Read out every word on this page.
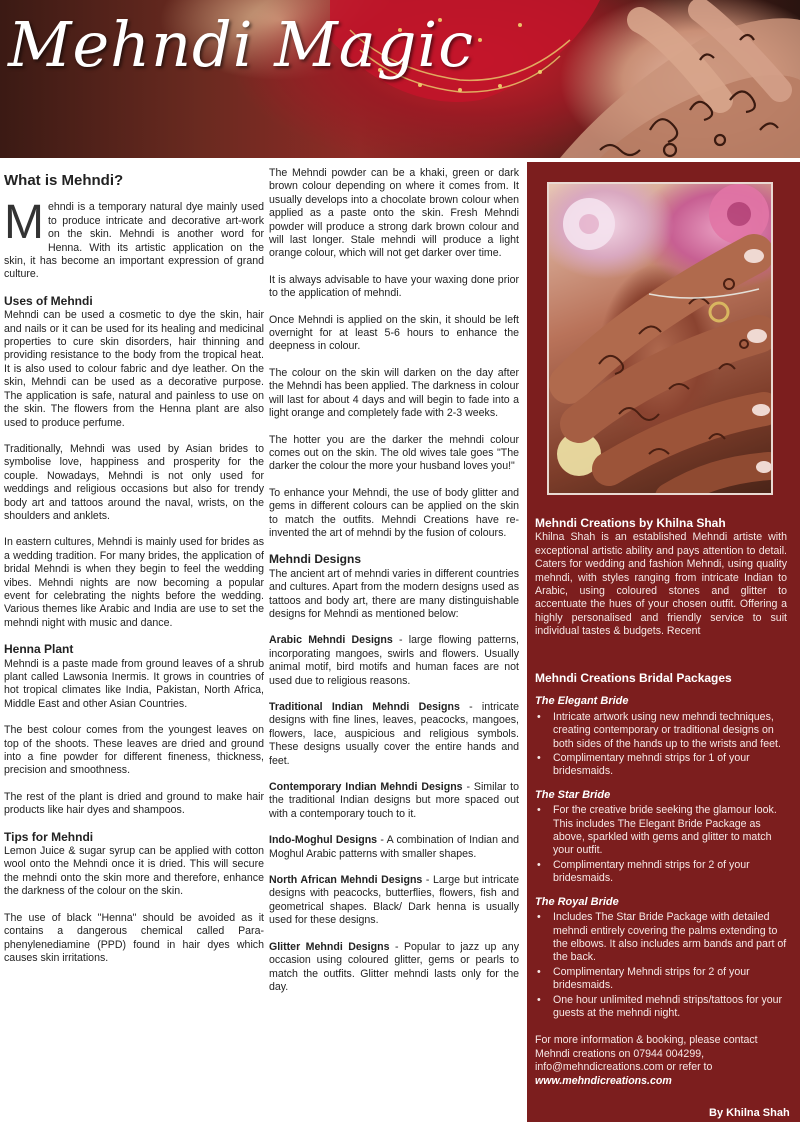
Mehndi Magic
What is Mehndi?

Mehndi is a temporary natural dye mainly used to produce intricate and decorative art-work on the skin. Mehndi is another word for Henna. With its artistic application on the skin, it has become an important expression of grand culture.

Uses of Mehndi

Mehndi can be used a cosmetic to dye the skin, hair and nails or it can be used for its healing and medicinal properties to cure skin disorders, hair thinning and providing resistance to the body from the tropical heat. It is also used to colour fabric and dye leather. On the skin, Mehndi can be used as a decorative purpose. The application is safe, natural and painless to use on the skin. The flowers from the Henna plant are also used to produce perfume.

Traditionally, Mehndi was used by Asian brides to symbolise love, happiness and prosperity for the couple. Nowadays, Mehndi is not only used for weddings and religious occasions but also for trendy body art and tattoos around the naval, wrists, on the shoulders and anklets.

In eastern cultures, Mehndi is mainly used for brides as a wedding tradition. For many brides, the application of bridal Mehndi is when they begin to feel the wedding vibes. Mehndi nights are now becoming a popular event for celebrating the nights before the wedding. Various themes like Arabic and India are use to set the mehndi night with music and dance.

Henna Plant

Mehndi is a paste made from ground leaves of a shrub plant called Lawsonia Inermis. It grows in countries of hot tropical climates like India, Pakistan, North Africa, Middle East and other Asian Countries.

The best colour comes from the youngest leaves on top of the shoots. These leaves are dried and ground into a fine powder for different fineness, thickness, precision and smoothness.

The rest of the plant is dried and ground to make hair products like hair dyes and shampoos.

Tips for Mehndi

Lemon Juice & sugar syrup can be applied with cotton wool onto the Mehndi once it is dried. This will secure the mehndi onto the skin more and therefore, enhance the darkness of the colour on the skin.

The use of black "Henna" should be avoided as it contains a dangerous chemical called Para-phenylenediamine (PPD) found in hair dyes which causes skin irritations.

The Mehndi powder can be a khaki, green or dark brown colour depending on where it comes from. It usually develops into a chocolate brown colour when applied as a paste onto the skin. Fresh Mehndi powder will produce a strong dark brown colour and will last longer. Stale mehndi will produce a light orange colour, which will not get darker over time.

It is always advisable to have your waxing done prior to the application of mehndi.

Once Mehndi is applied on the skin, it should be left overnight for at least 5-6 hours to enhance the deepness in colour.

The colour on the skin will darken on the day after the Mehndi has been applied. The darkness in colour will last for about 4 days and will begin to fade into a light orange and completely fade with 2-3 weeks.

The hotter you are the darker the mehndi colour comes out on the skin. The old wives tale goes "The darker the colour the more your husband loves you!"

To enhance your Mehndi, the use of body glitter and gems in different colours can be applied on the skin to match the outfits. Mehndi Creations have re-invented the art of mehndi by the fusion of colours.

Mehndi Designs

The ancient art of mehndi varies in different countries and cultures. Apart from the modern designs used as tattoos and body art, there are many distinguishable designs for Mehndi as mentioned below:

Arabic Mehndi Designs - large flowing patterns, incorporating mangoes, swirls and flowers. Usually animal motif, bird motifs and human faces are not used due to religious reasons.

Traditional Indian Mehndi Designs - intricate designs with fine lines, leaves, peacocks, mangoes, flowers, lace, auspicious and religious symbols. These designs usually cover the entire hands and feet.

Contemporary Indian Mehndi Designs - Similar to the traditional Indian designs but more spaced out with a contemporary touch to it.

Indo-Moghul Designs - A combination of Indian and Moghul Arabic patterns with smaller shapes.

North African Mehndi Designs - Large but intricate designs with peacocks, butterflies, flowers, fish and geometrical shapes. Black/ Dark henna is usually used for these designs.

Glitter Mehndi Designs - Popular to jazz up any occasion using coloured glitter, gems or pearls to match the outfits. Glitter mehndi lasts only for the day.

Mehndi Creations by Khilna Shah

Khilna Shah is an established Mehndi artiste with exceptional artistic ability and pays attention to detail. Caters for wedding and fashion Mehndi, using quality mehndi, with styles ranging from intricate Indian to Arabic, using coloured stones and glitter to accentuate the hues of your chosen outfit. Offering a highly personalised and friendly service to suit individual tastes & budgets. Recent

Mehndi Creations Bridal Packages
The Elegant Bride
• Intricate artwork using new mehndi techniques, creating contemporary or traditional designs on both sides of the hands up to the wrists and feet.
• Complimentary mehndi strips for 1 of your bridesmaids.
The Star Bride
• For the creative bride seeking the glamour look. This includes The Elegant Bride Package as above, sparkled with gems and glitter to match your outfit.
• Complimentary mehndi strips for 2 of your bridesmaids.
The Royal Bride
• Includes The Star Bride Package with detailed mehndi entirely covering the palms extending to the elbows. It also includes arm bands and part of the back.
• Complimentary Mehndi strips for 2 of your bridesmaids.
• One hour unlimited mehndi strips/tattoos for your guests at the mehndi night.

For more information & booking, please contact Mehndi creations on 07944 004299, info@mehndicreations.com or refer to www.mehndicreations.com

By Khilna Shah
